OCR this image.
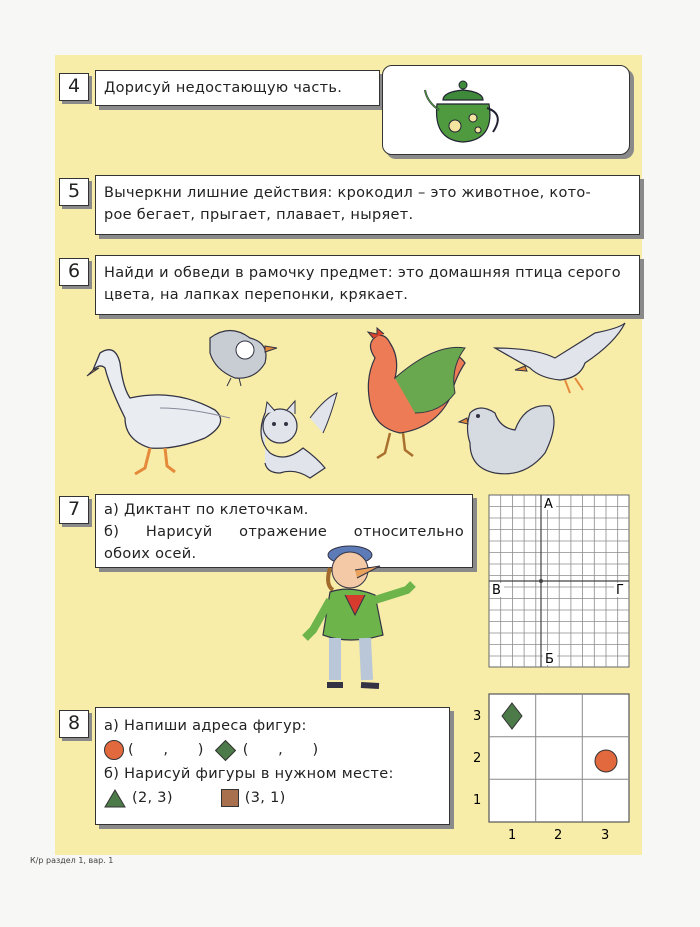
4	Дорисуй недостающую часть.
5	Вычеркни лишние действия: крокодил – это животное, кото-
рое бегает, прыгает, плавает, ныряет.
6	Найди и обведи в рамочку предмет: это домашняя птица серого
цвета, на лапках перепонки, крякает.
7	а) Диктант по клеточкам.
б) Нарисуй отражение относительно
обоих осей.
А
В	Г
Б
8	а) Напиши адреса фигур:
(      ,      )	(      ,      )
б) Нарисуй фигуры в нужном месте:
(2, 3)	(3, 1)
3
2
1
1	2	3
К/р раздел 1, вар. 1
